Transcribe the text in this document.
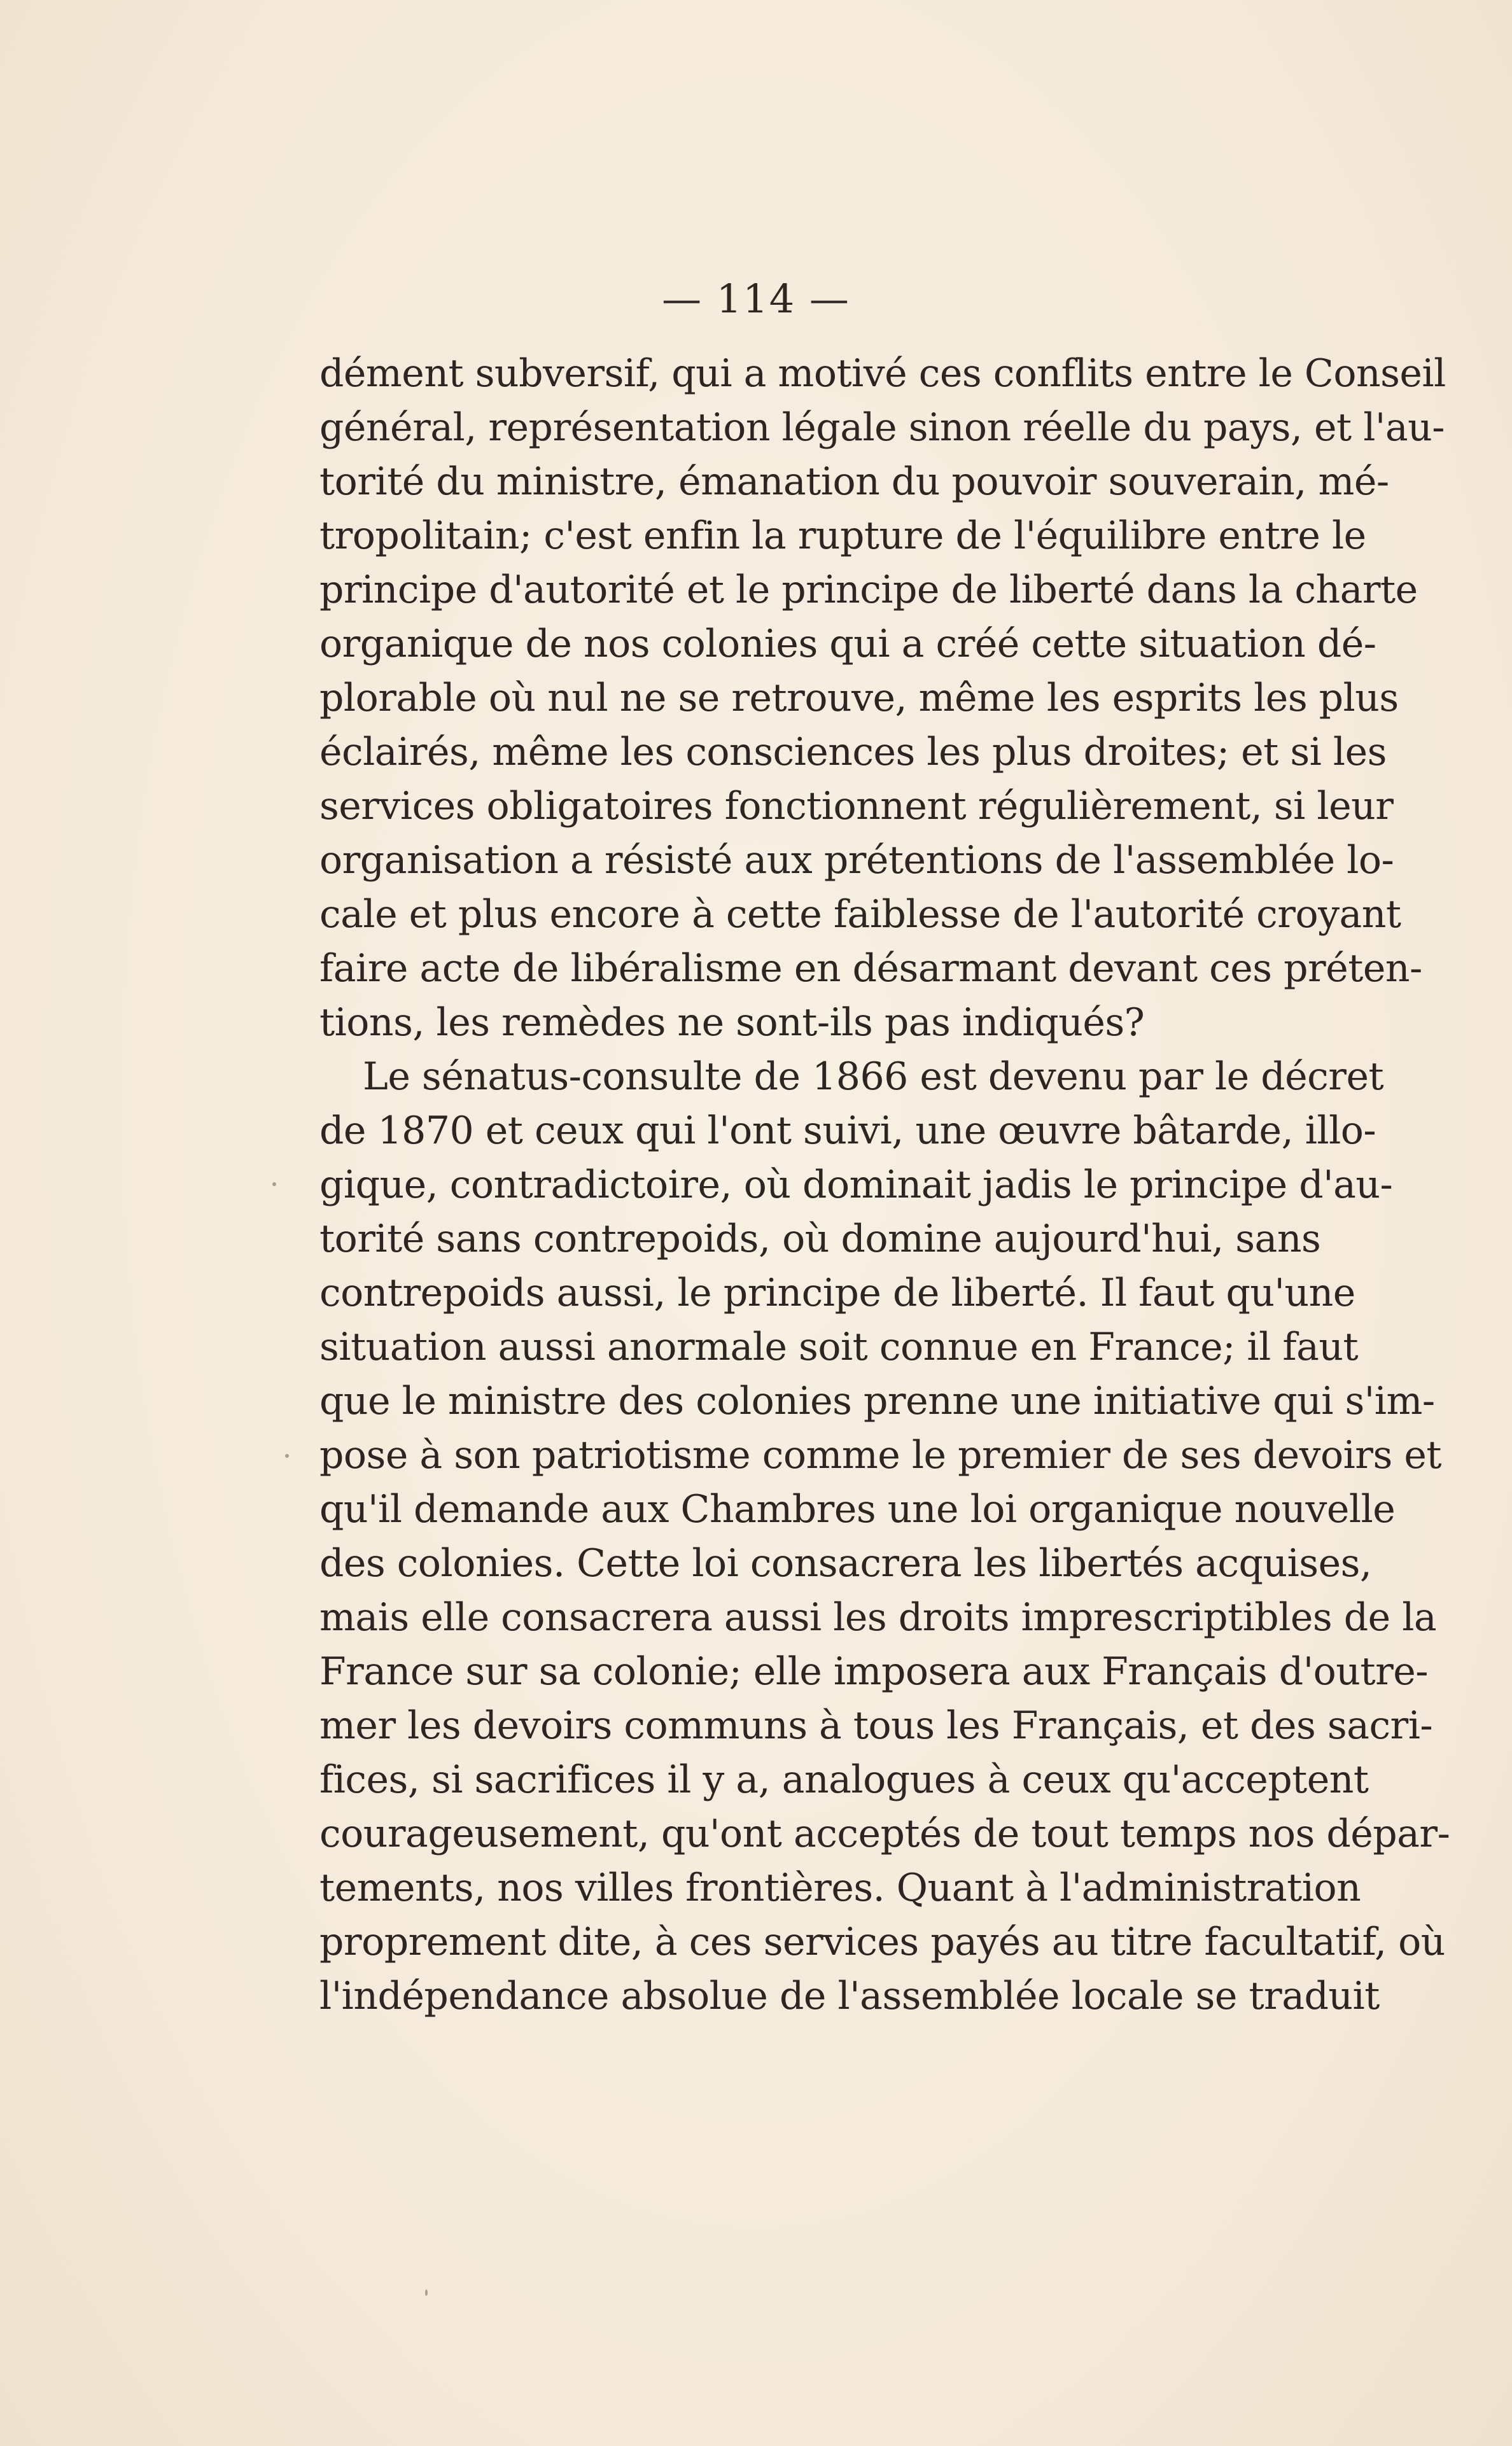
— 114 —
dément subversif, qui a motivé ces conflits entre le Conseil
général, représentation légale sinon réelle du pays, et l'au-
torité du ministre, émanation du pouvoir souverain, mé-
tropolitain; c'est enfin la rupture de l'équilibre entre le
principe d'autorité et le principe de liberté dans la charte
organique de nos colonies qui a créé cette situation dé-
plorable où nul ne se retrouve, même les esprits les plus
éclairés, même les consciences les plus droites; et si les
services obligatoires fonctionnent régulièrement, si leur
organisation a résisté aux prétentions de l'assemblée lo-
cale et plus encore à cette faiblesse de l'autorité croyant
faire acte de libéralisme en désarmant devant ces préten-
tions, les remèdes ne sont-ils pas indiqués?
Le sénatus-consulte de 1866 est devenu par le décret
de 1870 et ceux qui l'ont suivi, une œuvre bâtarde, illo-
gique, contradictoire, où dominait jadis le principe d'au-
torité sans contrepoids, où domine aujourd'hui, sans
contrepoids aussi, le principe de liberté. Il faut qu'une
situation aussi anormale soit connue en France; il faut
que le ministre des colonies prenne une initiative qui s'im-
pose à son patriotisme comme le premier de ses devoirs et
qu'il demande aux Chambres une loi organique nouvelle
des colonies. Cette loi consacrera les libertés acquises,
mais elle consacrera aussi les droits imprescriptibles de la
France sur sa colonie; elle imposera aux Français d'outre-
mer les devoirs communs à tous les Français, et des sacri-
fices, si sacrifices il y a, analogues à ceux qu'acceptent
courageusement, qu'ont acceptés de tout temps nos dépar-
tements, nos villes frontières. Quant à l'administration
proprement dite, à ces services payés au titre facultatif, où
l'indépendance absolue de l'assemblée locale se traduit
